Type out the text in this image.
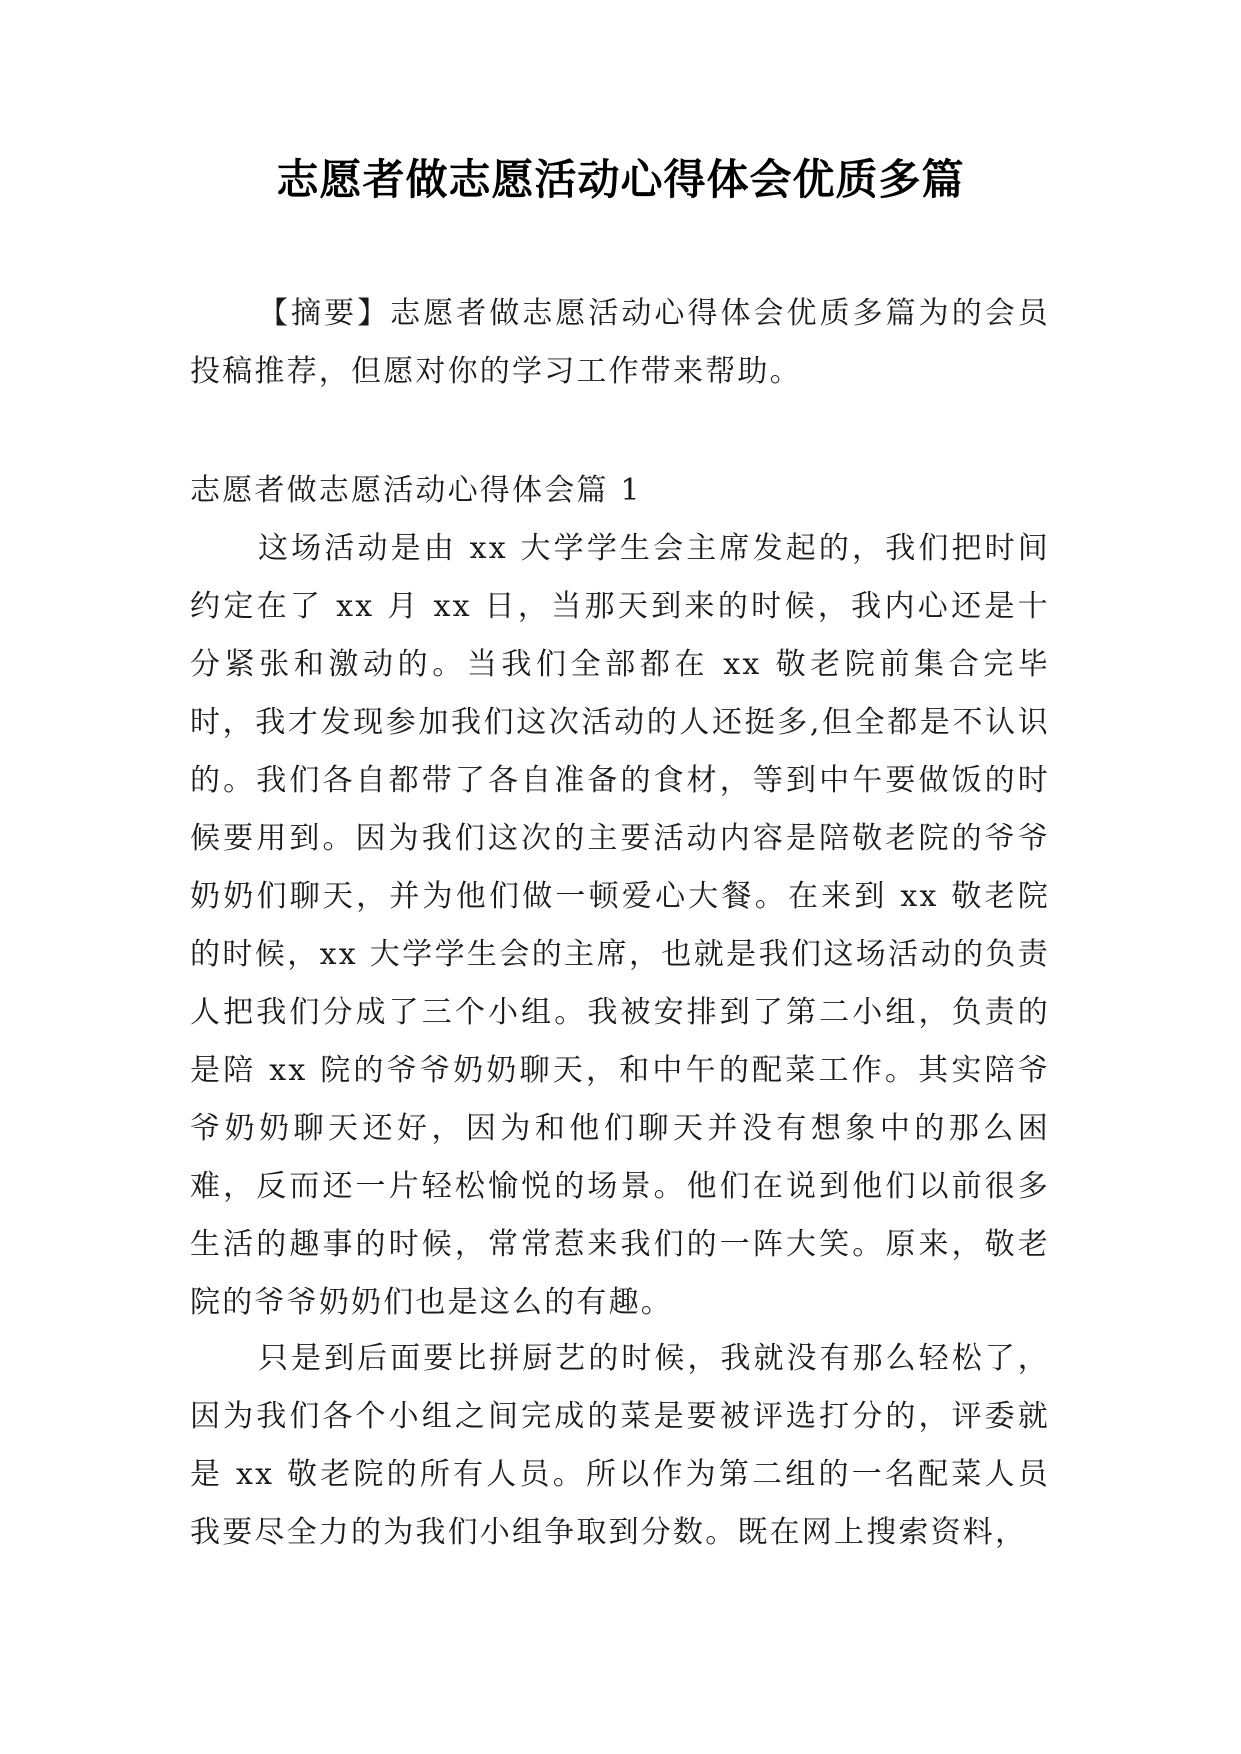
志愿者做志愿活动心得体会优质多篇

【摘要】志愿者做志愿活动心得体会优质多篇为的会员投稿推荐，但愿对你的学习工作带来帮助。

志愿者做志愿活动心得体会篇 1

这场活动是由 xx 大学学生会主席发起的，我们把时间约定在了 xx 月 xx 日，当那天到来的时候，我内心还是十分紧张和激动的。当我们全部都在 xx 敬老院前集合完毕时，我才发现参加我们这次活动的人还挺多,但全都是不认识的。我们各自都带了各自准备的食材，等到中午要做饭的时候要用到。因为我们这次的主要活动内容是陪敬老院的爷爷奶奶们聊天，并为他们做一顿爱心大餐。在来到 xx 敬老院的时候，xx 大学学生会的主席，也就是我们这场活动的负责人把我们分成了三个小组。我被安排到了第二小组，负责的是陪 xx 院的爷爷奶奶聊天，和中午的配菜工作。其实陪爷爷奶奶聊天还好，因为和他们聊天并没有想象中的那么困难，反而还一片轻松愉悦的场景。他们在说到他们以前很多生活的趣事的时候，常常惹来我们的一阵大笑。原来，敬老院的爷爷奶奶们也是这么的有趣。

只是到后面要比拼厨艺的时候，我就没有那么轻松了，因为我们各个小组之间完成的菜是要被评选打分的，评委就是 xx 敬老院的所有人员。所以作为第二组的一名配菜人员我要尽全力的为我们小组争取到分数。既在网上搜索资料，
